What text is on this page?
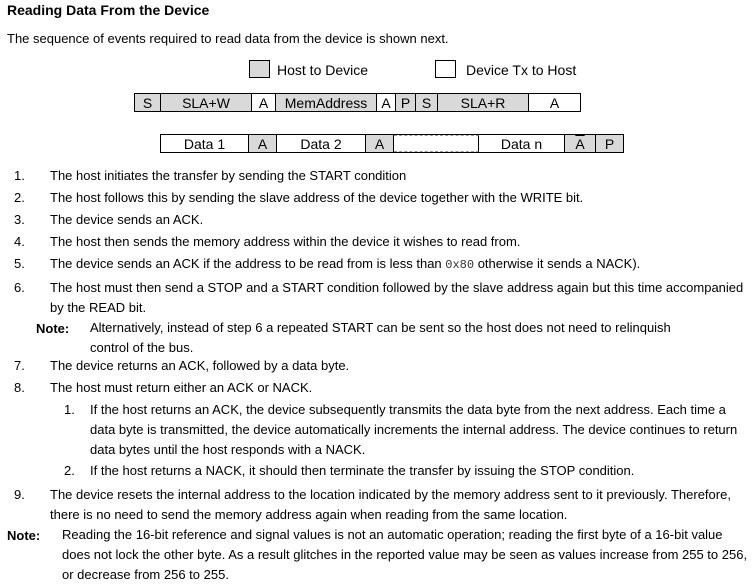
Reading Data From the Device
The sequence of events required to read data from the device is shown next.
Host to Device	Device Tx to Host
S	SLA+W	A	MemAddress	A P S	SLA+R	A
Data 1	A	Data 2	A	Data n	$\overline{A}$	P
1. The host initiates the transfer by sending the START condition
2. The host follows this by sending the slave address of the device together with the WRITE bit.
3. The device sends an ACK.
4. The host then sends the memory address within the device it wishes to read from.
5. The device sends an ACK if the address to be read from is less than 0x80 otherwise it sends a NACK).
6. The host must then send a STOP and a START condition followed by the slave address again but this time accompanied by the READ bit.
Note: Alternatively, instead of step 6 a repeated START can be sent so the host does not need to relinquish control of the bus.
7. The device returns an ACK, followed by a data byte.
8. The host must return either an ACK or NACK.
1. If the host returns an ACK, the device subsequently transmits the data byte from the next address. Each time a data byte is transmitted, the device automatically increments the internal address. The device continues to return data bytes until the host responds with a NACK.
2. If the host returns a NACK, it should then terminate the transfer by issuing the STOP condition.
9. The device resets the internal address to the location indicated by the memory address sent to it previously. Therefore, there is no need to send the memory address again when reading from the same location.
Note: Reading the 16-bit reference and signal values is not an automatic operation; reading the first byte of a 16-bit value does not lock the other byte. As a result glitches in the reported value may be seen as values increase from 255 to 256, or decrease from 256 to 255.
